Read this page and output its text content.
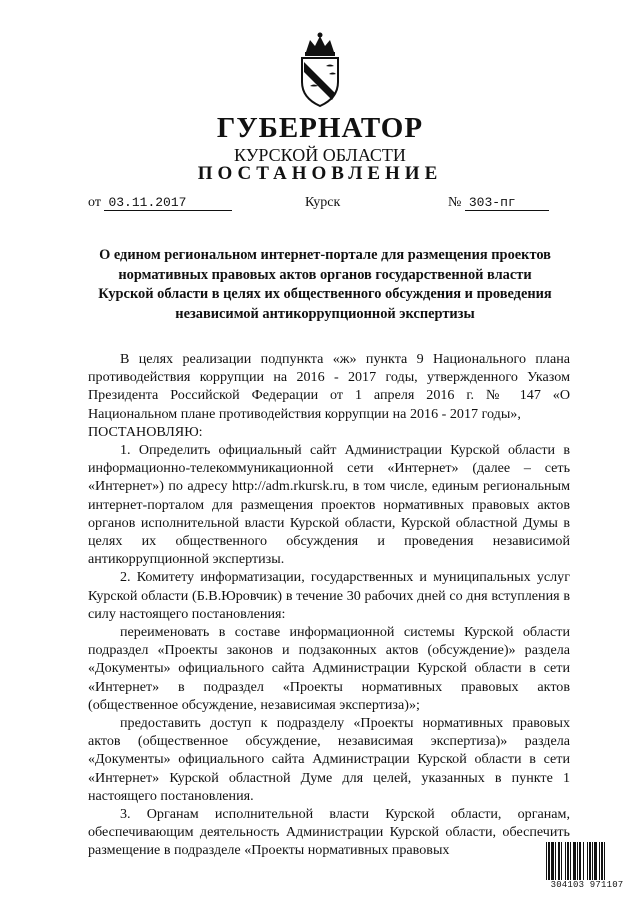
ГУБЕРНАТОР
КУРСКОЙ ОБЛАСТИ
ПОСТАНОВЛЕНИЕ
от 03.11.2017	Курск	№ 303-пг
О едином региональном интернет-портале для размещения проектов
нормативных правовых актов органов государственной власти
Курской области в целях их общественного обсуждения и проведения
независимой антикоррупционной экспертизы

В целях реализации подпункта «ж» пункта 9 Национального плана противодействия коррупции на 2016 - 2017 годы, утвержденного Указом Президента Российской Федерации от 1 апреля 2016 г. № 147 «О Национальном плане противодействия коррупции на 2016 - 2017 годы»,

ПОСТАНОВЛЯЮ:

1. Определить официальный сайт Администрации Курской области в информационно-телекоммуникационной сети «Интернет» (далее – сеть «Интернет») по адресу http://adm.rkursk.ru, в том числе, единым региональным интернет-порталом для размещения проектов нормативных правовых актов органов исполнительной власти Курской области, Курской областной Думы в целях их общественного обсуждения и проведения независимой антикоррупционной экспертизы.

2. Комитету информатизации, государственных и муниципальных услуг Курской области (Б.В.Юровчик) в течение 30 рабочих дней со дня вступления в силу настоящего постановления:

переименовать в составе информационной системы Курской области подраздел «Проекты законов и подзаконных актов (обсуждение)» раздела «Документы» официального сайта Администрации Курской области в сети «Интернет» в подраздел «Проекты нормативных правовых актов (общественное обсуждение, независимая экспертиза)»;

предоставить доступ к подразделу «Проекты нормативных правовых актов (общественное обсуждение, независимая экспертиза)» раздела «Документы» официального сайта Администрации Курской области в сети «Интернет» Курской областной Думе для целей, указанных в пункте 1 настоящего постановления.

3. Органам исполнительной власти Курской области, органам, обеспечивающим деятельность Администрации Курской области, обеспечить размещение в подразделе «Проекты нормативных правовых

304103 971107
